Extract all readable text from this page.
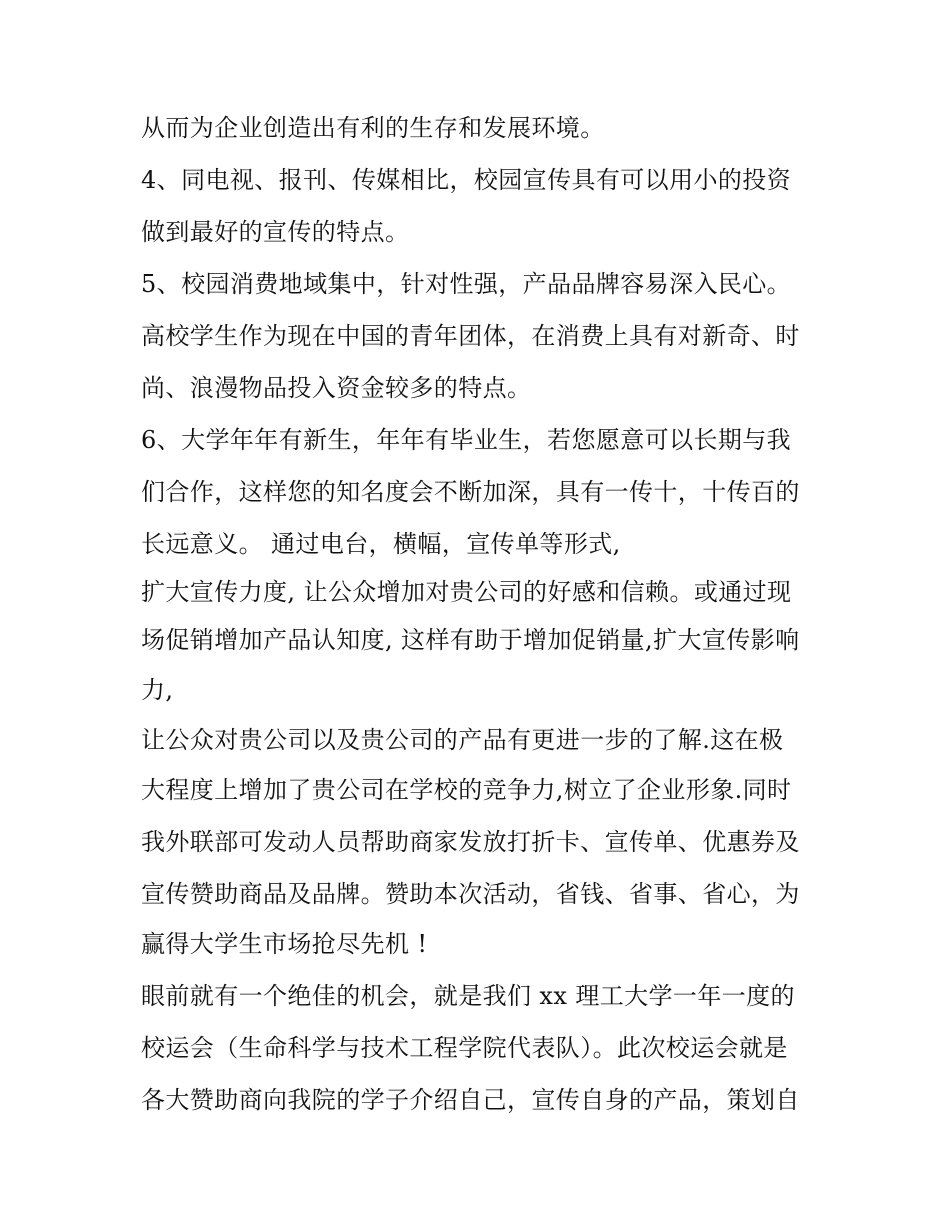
从而为企业创造出有利的生存和发展环境。
4、同电视、报刊、传媒相比，校园宣传具有可以用小的投资
做到最好的宣传的特点。
5、校园消费地域集中，针对性强，产品品牌容易深入民心。
高校学生作为现在中国的青年团体，在消费上具有对新奇、时
尚、浪漫物品投入资金较多的特点。
6、大学年年有新生，年年有毕业生，若您愿意可以长期与我
们合作，这样您的知名度会不断加深，具有一传十，十传百的
长远意义。 通过电台，横幅，宣传单等形式,
扩大宣传力度, 让公众增加对贵公司的好感和信赖。或通过现
场促销增加产品认知度, 这样有助于增加促销量,扩大宣传影响
力,
让公众对贵公司以及贵公司的产品有更进一步的了解.这在极
大程度上增加了贵公司在学校的竞争力,树立了企业形象.同时
我外联部可发动人员帮助商家发放打折卡、宣传单、优惠券及
宣传赞助商品及品牌。赞助本次活动，省钱、省事、省心，为
赢得大学生市场抢尽先机 !
眼前就有一个绝佳的机会，就是我们 xx 理工大学一年一度的
校运会（生命科学与技术工程学院代表队）。此次校运会就是
各大赞助商向我院的学子介绍自己，宣传自身的产品，策划自
